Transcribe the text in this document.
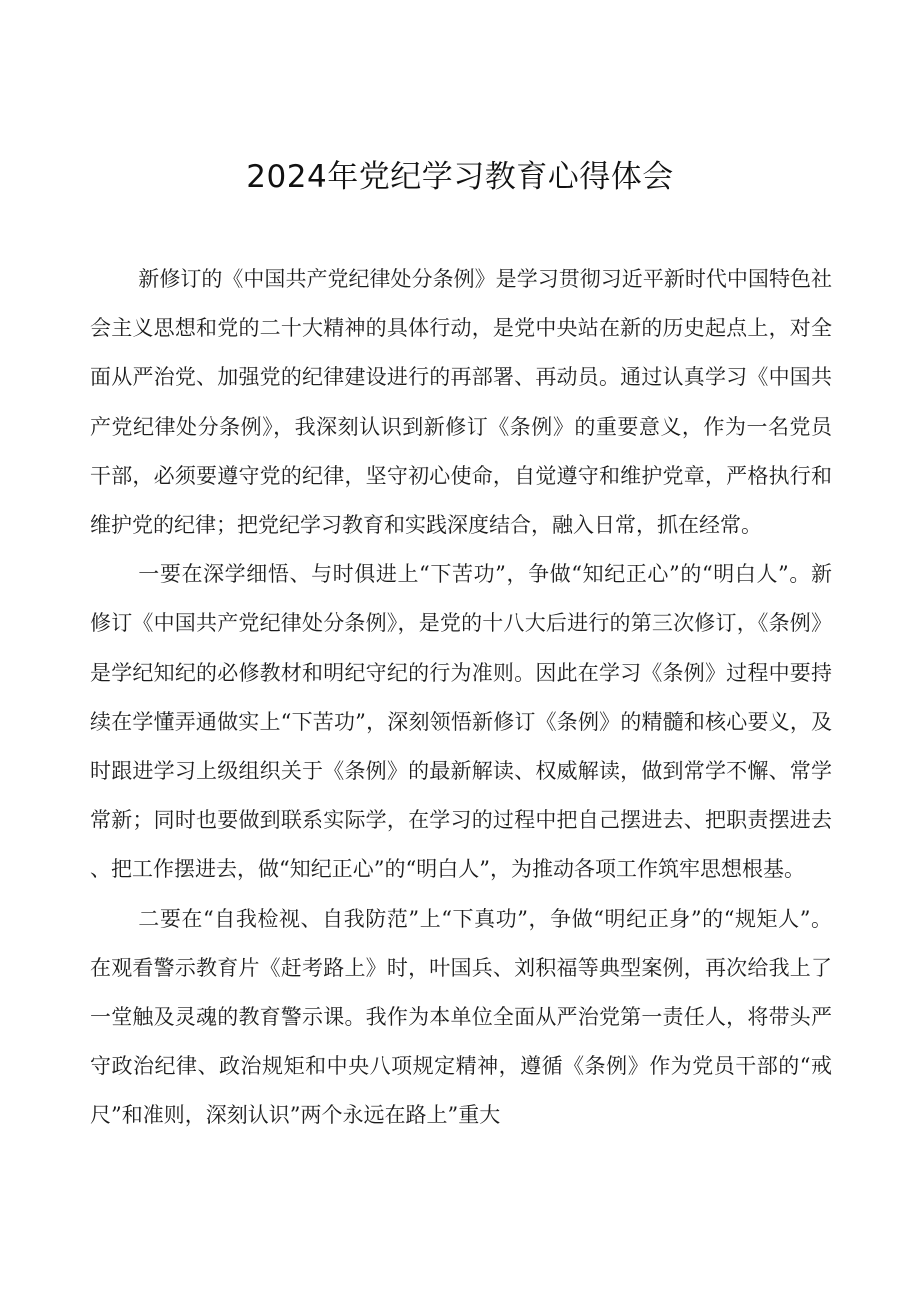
2024年党纪学习教育心得体会

新修订的《中国共产党纪律处分条例》是学习贯彻习近平新时代中国特色社会主义思想和党的二十大精神的具体行动，是党中央站在新的历史起点上，对全面从严治党、加强党的纪律建设进行的再部署、再动员。通过认真学习《中国共产党纪律处分条例》，我深刻认识到新修订《条例》的重要意义，作为一名党员干部，必须要遵守党的纪律，坚守初心使命，自觉遵守和维护党章，严格执行和维护党的纪律；把党纪学习教育和实践深度结合，融入日常，抓在经常。

一要在深学细悟、与时俱进上“下苦功”，争做“知纪正心”的“明白人”。新修订《中国共产党纪律处分条例》，是党的十八大后进行的第三次修订，《条例》是学纪知纪的必修教材和明纪守纪的行为准则。因此在学习《条例》过程中要持续在学懂弄通做实上“下苦功”，深刻领悟新修订《条例》的精髓和核心要义，及时跟进学习上级组织关于《条例》的最新解读、权威解读，做到常学不懈、常学常新；同时也要做到联系实际学，在学习的过程中把自己摆进去、把职责摆进去、把工作摆进去，做“知纪正心”的“明白人”，为推动各项工作筑牢思想根基。

二要在“自我检视、自我防范”上“下真功”，争做“明纪正身”的“规矩人”。在观看警示教育片《赶考路上》时，叶国兵、刘积福等典型案例，再次给我上了一堂触及灵魂的教育警示课。我作为本单位全面从严治党第一责任人，将带头严守政治纪律、政治规矩和中央八项规定精神，遵循《条例》作为党员干部的“戒尺”和准则，深刻认识”两个永远在路上”重大
